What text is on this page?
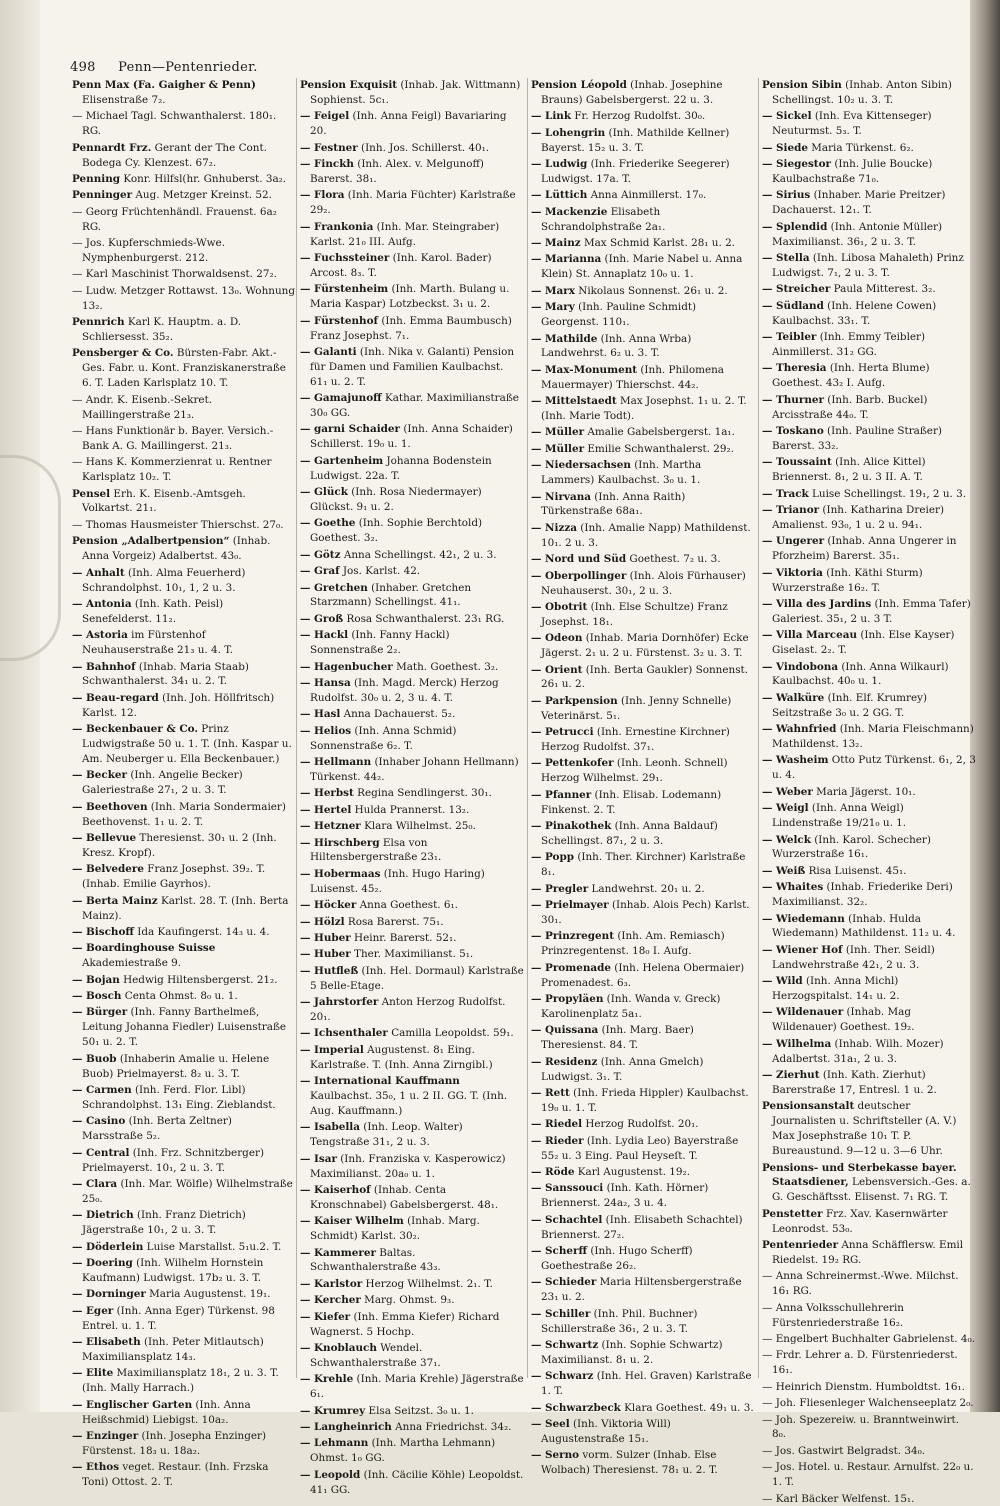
498 Penn—Pentenrieder.
Penn Max (Fa. Gaigher & Penn) Elisenstraße 7₂.
— Michael Tagl. Schwanthalerst. 180₁. RG.
Pennardt Frz. Gerant der The Cont. Bodega Cy. Klenzest. 67₂.
Penning Konr. Hilfsl(hr. Gnhuberst. 3a₂.
Penninger Aug. Metzger Kreinst. 52.
— Georg Früchtenhändl. Frauenst. 6a₂ RG.
— Jos. Kupferschmieds-Wwe. Nymphenburgerst. 212.
— Karl Maschinist Thorwaldsenst. 27₂.
— Ludw. Metzger Rottawst. 13₀. Wohnung 13₂.
Pennrich Karl K. Hauptm. a. D. Schliersesst. 35₂.
Pensberger & Co. Bürsten-Fabr. Akt.-Ges. Fabr. u. Kont. Franziskanerstraße 6. T. Laden Karlsplatz 10. T.
— Andr. K. Eisenb.-Sekret. Maillingerstraße 21₃.
— Hans Funktionär b. Bayer. Versich.-Bank A. G. Maillingerst. 21₃.
— Hans K. Kommerzienrat u. Rentner Karlsplatz 10₂. T.
Pensel Erh. K. Eisenb.-Amtsgeh. Volkartst. 21₁.
— Thomas Hausmeister Thierschst. 27₀.
Pension „Adalbertpension“ (Inhab. Anna Vorgeiz) Adalbertst. 43₀.
— Anhalt (Inh. Alma Feuerherd) Schrandolphst. 10₁, 1, 2 u. 3.
— Antonia (Inh. Kath. Peisl) Senefelderst. 11₂.
— Astoria im Fürstenhof Neuhauserstraße 21₃ u. 4. T.
— Bahnhof (Inhab. Maria Staab) Schwanthalerst. 34₁ u. 2. T.
— Beau-regard (Inh. Joh. Höllfritsch) Karlst. 12.
— Beckenbauer & Co. Prinz Ludwigstraße 50 u. 1. T. (Inh. Kaspar u. Am. Neuberger u. Ella Beckenbauer.)
— Becker (Inh. Angelie Becker) Galeriestraße 27₁, 2 u. 3. T.
— Beethoven (Inh. Maria Sondermaier) Beethovenst. 1₁ u. 2. T.
— Bellevue Theresienst. 30₁ u. 2 (Inh. Kresz. Kropf).
— Belvedere Franz Josephst. 39₂. T. (Inhab. Emilie Gayrhos).
— Berta Mainz Karlst. 28. T. (Inh. Berta Mainz).
— Bischoff Ida Kaufingerst. 14₃ u. 4.
— Boardinghouse Suisse Akademiestraße 9.
— Bojan Hedwig Hiltensbergerst. 21₂.
— Bosch Centa Ohmst. 8₀ u. 1.
— Bürger (Inh. Fanny Barthelmeß, Leitung Johanna Fiedler) Luisenstraße 50₁ u. 2. T.
— Buob (Inhaberin Amalie u. Helene Buob) Prielmayerst. 8₂ u. 3. T.
— Carmen (Inh. Ferd. Flor. Libl) Schrandolphst. 13₁ Eing. Zieblandst.
— Casino (Inh. Berta Zeltner) Marsstraße 5₂.
— Central (Inh. Frz. Schnitzberger) Prielmayerst. 10₁, 2 u. 3. T.
— Clara (Inh. Mar. Wölfle) Wilhelmstraße 25₀.
— Dietrich (Inh. Franz Dietrich) Jägerstraße 10₁, 2 u. 3. T.
— Döderlein Luise Marstallst. 5₁u.2. T.
— Doering (Inh. Wilhelm Hornstein Kaufmann) Ludwigst. 17b₂ u. 3. T.
— Dorninger Maria Augustenst. 19₁.
— Eger (Inh. Anna Eger) Türkenst. 98 Entrel. u. 1. T.
— Elisabeth (Inh. Peter Mitlautsch) Maximiliansplatz 14₃.
— Elite Maximiliansplatz 18₁, 2 u. 3. T. (Inh. Mally Harrach.)
— Englischer Garten (Inh. Anna Heißschmid) Liebigst. 10a₂.
— Enzinger (Inh. Josepha Enzinger) Fürstenst. 18₃ u. 18a₂.
— Ethos veget. Restaur. (Inh. Frzska Toni) Ottost. 2. T.
Pension Exquisit (Inhab. Jak. Wittmann) Sophienst. 5c₁.
— Feigel (Inh. Anna Feigl) Bavariaring 20.
— Festner (Inh. Jos. Schillerst. 40₁.
— Finckh (Inh. Alex. v. Melgunoff) Barerst. 38₁.
— Flora (Inh. Maria Füchter) Karlstraße 29₂.
— Frankonia (Inh. Mar. Steingraber) Karlst. 21₀ III. Aufg.
— Fuchssteiner (Inh. Karol. Bader) Arcost. 8₃. T.
— Fürstenheim (Inh. Marth. Bulang u. Maria Kaspar) Lotzbeckst. 3₁ u. 2.
— Fürstenhof (Inh. Emma Baumbusch) Franz Josephst. 7₁.
— Galanti (Inh. Nika v. Galanti) Pension für Damen und Familien Kaulbachst. 61₁ u. 2. T.
— Gamajunoff Kathar. Maximilianstraße 30₀ GG.
— garni Schaider (Inh. Anna Schaider) Schillerst. 19₀ u. 1.
— Gartenheim Johanna Bodenstein Ludwigst. 22a. T.
— Glück (Inh. Rosa Niedermayer) Glückst. 9₁ u. 2.
— Goethe (Inh. Sophie Berchtold) Goethest. 3₂.
— Götz Anna Schellingst. 42₁, 2 u. 3.
— Graf Jos. Karlst. 42.
— Gretchen (Inhaber. Gretchen Starzmann) Schellingst. 41₁.
— Groß Rosa Schwanthalerst. 23₁ RG.
— Hackl (Inh. Fanny Hackl) Sonnenstraße 2₂.
— Hagenbucher Math. Goethest. 3₂.
— Hansa (Inh. Magd. Merck) Herzog Rudolfst. 30₀ u. 2, 3 u. 4. T.
— Hasl Anna Dachauerst. 5₂.
— Helios (Inh. Anna Schmid) Sonnenstraße 6₂. T.
— Hellmann (Inhaber Johann Hellmann) Türkenst. 44₂.
— Herbst Regina Sendlingerst. 30₁.
— Hertel Hulda Prannerst. 13₂.
— Hetzner Klara Wilhelmst. 25₀.
— Hirschberg Elsa von Hiltensbergerstraße 23₁.
— Hobermaas (Inh. Hugo Haring) Luisenst. 45₂.
— Höcker Anna Goethest. 6₁.
— Hölzl Rosa Barerst. 75₁.
— Huber Heinr. Barerst. 52₁.
— Huber Ther. Maximilianst. 5₁.
— Hutfleß (Inh. Hel. Dormaul) Karlstraße 5 Belle-Etage.
— Jahrstorfer Anton Herzog Rudolfst. 20₁.
— Ichsenthaler Camilla Leopoldst. 59₁.
— Imperial Augustenst. 8₁ Eing. Karlstraße. T. (Inh. Anna Zirngibl.)
— International Kauffmann Kaulbachst. 35₀, 1 u. 2 II. GG. T. (Inh. Aug. Kauffmann.)
— Isabella (Inh. Leop. Walter) Tengstraße 31₁, 2 u. 3.
— Isar (Inh. Franziska v. Kasperowicz) Maximilianst. 20a₀ u. 1.
— Kaiserhof (Inhab. Centa Kronschnabel) Gabelsbergerst. 48₁.
— Kaiser Wilhelm (Inhab. Marg. Schmidt) Karlst. 30₂.
— Kammerer Baltas. Schwanthalerstraße 43₃.
— Karlstor Herzog Wilhelmst. 2₁. T.
— Kercher Marg. Ohmst. 9₃.
— Kiefer (Inh. Emma Kiefer) Richard Wagnerst. 5 Hochp.
— Knoblauch Wendel. Schwanthalerstraße 37₁.
— Krehle (Inh. Maria Krehle) Jägerstraße 6₁.
— Krumrey Elsa Seitzst. 3₀ u. 1.
— Langheinrich Anna Friedrichst. 34₂.
— Lehmann (Inh. Martha Lehmann) Ohmst. 1₀ GG.
— Leopold (Inh. Cäcilie Köhle) Leopoldst. 41₁ GG.
Pension Léopold (Inhab. Josephine Brauns) Gabelsbergerst. 22 u. 3.
— Link Fr. Herzog Rudolfst. 30₀.
— Lohengrin (Inh. Mathilde Kellner) Bayerst. 15₂ u. 3. T.
— Ludwig (Inh. Friederike Seegerer) Ludwigst. 17a. T.
— Lüttich Anna Ainmillerst. 17₀.
— Mackenzie Elisabeth Schrandolphstraße 2a₁.
— Mainz Max Schmid Karlst. 28₁ u. 2.
— Marianna (Inh. Marie Nabel u. Anna Klein) St. Annaplatz 10₀ u. 1.
— Marx Nikolaus Sonnenst. 26₁ u. 2.
— Mary (Inh. Pauline Schmidt) Georgenst. 110₁.
— Mathilde (Inh. Anna Wrba) Landwehrst. 6₂ u. 3. T.
— Max-Monument (Inh. Philomena Mauermayer) Thierschst. 44₂.
— Mittelstaedt Max Josephst. 1₁ u. 2. T. (Inh. Marie Todt).
— Müller Amalie Gabelsbergerst. 1a₁.
— Müller Emilie Schwanthalerst. 29₂.
— Niedersachsen (Inh. Martha Lammers) Kaulbachst. 3₀ u. 1.
— Nirvana (Inh. Anna Raith) Türkenstraße 68a₁.
— Nizza (Inh. Amalie Napp) Mathildenst. 10₁. 2 u. 3.
— Nord und Süd Goethest. 7₂ u. 3.
— Oberpollinger (Inh. Alois Fürhauser) Neuhauserst. 30₁, 2 u. 3.
— Obotrit (Inh. Else Schultze) Franz Josephst. 18₁.
— Odeon (Inhab. Maria Dornhöfer) Ecke Jägerst. 2₁ u. 2 u. Fürstenst. 3₂ u. 3. T.
— Orient (Inh. Berta Gaukler) Sonnenst. 26₁ u. 2.
— Parkpension (Inh. Jenny Schnelle) Veterinärst. 5₁.
— Petrucci (Inh. Ernestine Kirchner) Herzog Rudolfst. 37₁.
— Pettenkofer (Inh. Leonh. Schnell) Herzog Wilhelmst. 29₁.
— Pfanner (Inh. Elisab. Lodemann) Finkenst. 2. T.
— Pinakothek (Inh. Anna Baldauf) Schellingst. 87₁, 2 u. 3.
— Popp (Inh. Ther. Kirchner) Karlstraße 8₁.
— Pregler Landwehrst. 20₁ u. 2.
— Prielmayer (Inhab. Alois Pech) Karlst. 30₁.
— Prinzregent (Inh. Am. Remiasch) Prinzregentenst. 18₀ I. Aufg.
— Promenade (Inh. Helena Obermaier) Promenadest. 6₃.
— Propyläen (Inh. Wanda v. Greck) Karolinenplatz 5a₁.
— Quissana (Inh. Marg. Baer) Theresienst. 84. T.
— Residenz (Inh. Anna Gmelch) Ludwigst. 3₁. T.
— Rett (Inh. Frieda Hippler) Kaulbachst. 19₀ u. 1. T.
— Riedel Herzog Rudolfst. 20₁.
— Rieder (Inh. Lydia Leo) Bayerstraße 55₂ u. 3 Eing. Paul Heyseſt. T.
— Röde Karl Augustenst. 19₂.
— Sanssouci (Inh. Kath. Hörner) Briennerst. 24a₂, 3 u. 4.
— Schachtel (Inh. Elisabeth Schachtel) Briennerst. 27₂.
— Scherff (Inh. Hugo Scherff) Goethestraße 26₂.
— Schieder Maria Hiltensbergerstraße 23₁ u. 2.
— Schiller (Inh. Phil. Buchner) Schillerstraße 36₁, 2 u. 3. T.
— Schwartz (Inh. Sophie Schwartz) Maximilianst. 8₁ u. 2.
— Schwarz (Inh. Hel. Graven) Karlstraße 1. T.
— Schwarzbeck Klara Goethest. 49₁ u. 3.
— Seel (Inh. Viktoria Will) Augustenstraße 15₁.
— Serno vorm. Sulzer (Inhab. Else Wolbach) Theresienst. 78₁ u. 2. T.
Pension Sibin (Inhab. Anton Sibin) Schellingst. 10₂ u. 3. T.
— Sickel (Inh. Eva Kittenseger) Neuturmst. 5₃. T.
— Siede Maria Türkenst. 6₂.
— Siegestor (Inh. Julie Boucke) Kaulbachstraße 71₀.
— Sirius (Inhaber. Marie Preitzer) Dachauerst. 12₁. T.
— Splendid (Inh. Antonie Müller) Maximilianst. 36₁, 2 u. 3. T.
— Stella (Inh. Libosa Mahaleth) Prinz Ludwigst. 7₁, 2 u. 3. T.
— Streicher Paula Mitterest. 3₂.
— Südland (Inh. Helene Cowen) Kaulbachst. 33₁. T.
— Teibler (Inh. Emmy Teibler) Ainmillerst. 31₂ GG.
— Theresia (Inh. Herta Blume) Goethest. 43₂ I. Aufg.
— Thurner (Inh. Barb. Buckel) Arcisstraße 44₀. T.
— Toskano (Inh. Pauline Straßer) Barerst. 33₂.
— Toussaint (Inh. Alice Kittel) Briennerst. 8₁, 2 u. 3 II. A. T.
— Track Luise Schellingst. 19₁, 2 u. 3.
— Trianor (Inh. Katharina Dreier) Amalienst. 93₀, 1 u. 2 u. 94₁.
— Ungerer (Inhab. Anna Ungerer in Pforzheim) Barerst. 35₁.
— Viktoria (Inh. Käthi Sturm) Wurzerstraße 16₂. T.
— Villa des Jardins (Inh. Emma Tafer) Galeriest. 35₁, 2 u. 3 T.
— Villa Marceau (Inh. Else Kayser) Giselast. 2₂. T.
— Vindobona (Inh. Anna Wilkaurl) Kaulbachst. 40₀ u. 1.
— Walküre (Inh. Elf. Krumrey) Seitzstraße 3₀ u. 2 GG. T.
— Wahnfried (Inh. Maria Fleischmann) Mathildenst. 13₂.
— Washeim Otto Putz Türkenst. 6₁, 2, 3 u. 4.
— Weber Maria Jägerst. 10₁.
— Weigl (Inh. Anna Weigl) Lindenstraße 19/21₀ u. 1.
— Welck (Inh. Karol. Schecher) Wurzerstraße 16₁.
— Weiß Risa Luisenst. 45₁.
— Whaites (Inhab. Friederike Deri) Maximilianst. 32₂.
— Wiedemann (Inhab. Hulda Wiedemann) Mathildenst. 11₂ u. 4.
— Wiener Hof (Inh. Ther. Seidl) Landwehrstraße 42₁, 2 u. 3.
— Wild (Inh. Anna Michl) Herzogspitalst. 14₁ u. 2.
— Wildenauer (Inhab. Mag Wildenauer) Goethest. 19₂.
— Wilhelma (Inhab. Wilh. Mozer) Adalbertst. 31a₁, 2 u. 3.
— Zierhut (Inh. Kath. Zierhut) Barerstraße 17, Entresl. 1 u. 2.
Pensionsanstalt deutscher Journalisten u. Schriftsteller (A. V.) Max Josephstraße 10₁ T. P. Bureaustund. 9—12 u. 3—6 Uhr.
Pensions- und Sterbekasse bayer. Staatsdiener, Lebensversich.-Ges. a. G. Geschäftsst. Elisenst. 7₁ RG. T.
Penstetter Frz. Xav. Kasernwärter Leonrodst. 53₀.
Pentenrieder Anna Schäfflersw. Emil Riedelst. 19₂ RG.
— Anna Schreinermst.-Wwe. Milchst. 16₁ RG.
— Anna Volksschullehrerin Fürstenriederstraße 16₂.
— Engelbert Buchhalter Gabrielenst. 4₀.
— Frdr. Lehrer a. D. Fürstenriederst. 16₁.
— Heinrich Dienstm. Humboldtst. 16₁.
— Joh. Fliesenleger Walchenseeplatz 2₀.
— Joh. Spezereiw. u. Branntweinwirt. 8₀.
— Jos. Gastwirt Belgradst. 34₀.
— Jos. Hotel. u. Restaur. Arnulfst. 22₀ u. 1. T.
— Karl Bäcker Welfenst. 15₁.
